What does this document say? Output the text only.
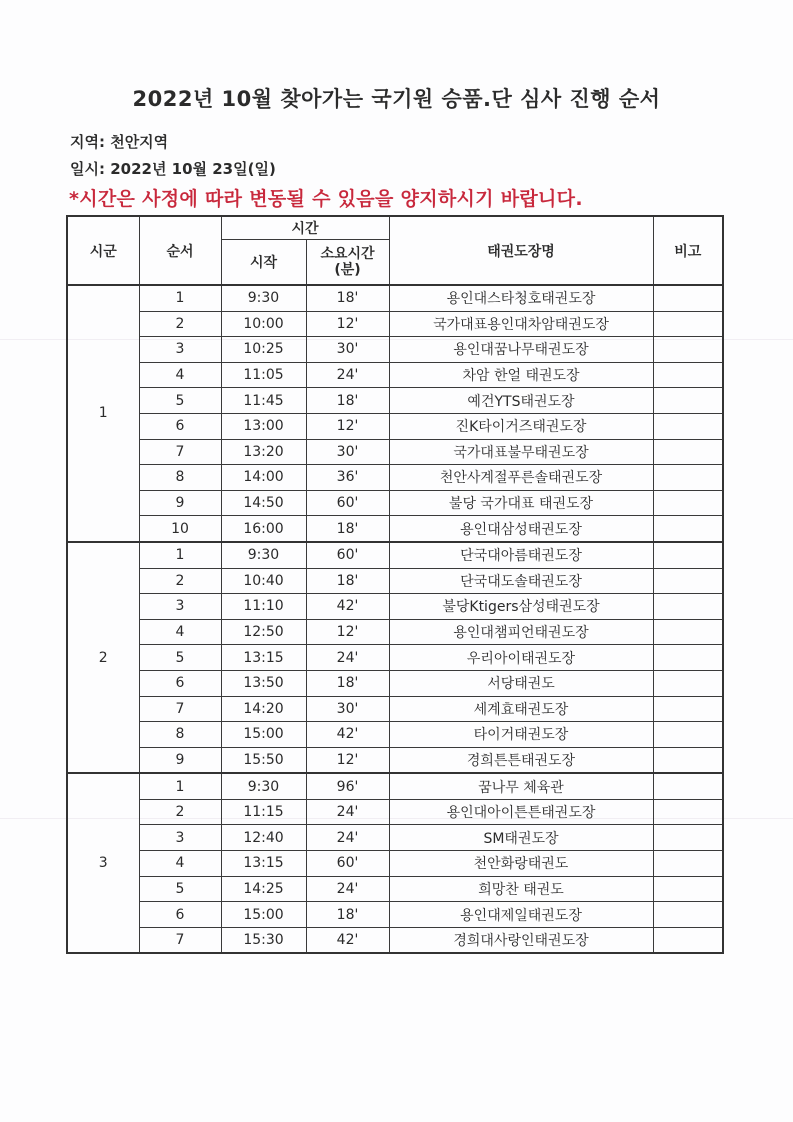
2022년 10월 찾아가는 국기원 승품.단 심사 진행 순서
지역: 천안지역
일시: 2022년 10월 23일(일)
*시간은 사정에 따라 변동될 수 있음을 양지하시기 바랍니다.
시군	순서	시간		태권도장명	비고
		시작	소요시간
(분)		

1	1	9:30	18'	용인대스타청호태권도장	
	2	10:00	12'	국가대표용인대차암태권도장	
	3	10:25	30'	용인대꿈나무태권도장	
	4	11:05	24'	차암 한얼 태권도장	
	5	11:45	18'	예건YTS태권도장	
	6	13:00	12'	진K타이거즈태권도장	
	7	13:20	30'	국가대표불무태권도장	
	8	14:00	36'	천안사계절푸른솔태권도장	
	9	14:50	60'	불당 국가대표 태권도장	
	10	16:00	18'	용인대삼성태권도장	
2	1	9:30	60'	단국대아름태권도장	
	2	10:40	18'	단국대도솔태권도장	
	3	11:10	42'	불당Ktigers삼성태권도장	
	4	12:50	12'	용인대챔피언태권도장	
	5	13:15	24'	우리아이태권도장	
	6	13:50	18'	서당태권도	
	7	14:20	30'	세계효태권도장	
	8	15:00	42'	타이거태권도장	
	9	15:50	12'	경희튼튼태권도장	
3	1	9:30	96'	꿈나무 체육관	
	2	11:15	24'	용인대아이튼튼태권도장	
	3	12:40	24'	SM태권도장	
	4	13:15	60'	천안화랑태권도	
	5	14:25	24'	희망찬 태권도	
	6	15:00	18'	용인대제일태권도장	
	7	15:30	42'	경희대사랑인태권도장	
